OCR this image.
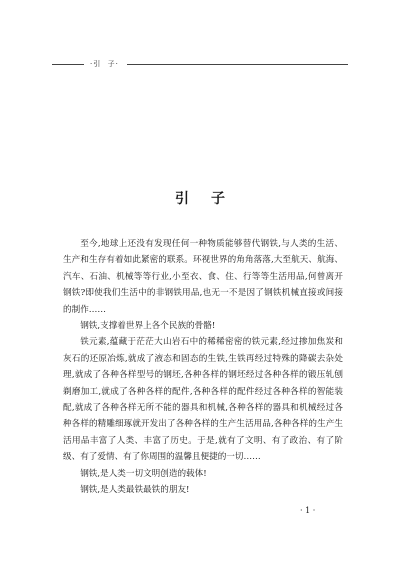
·引  子·
引子

至今,地球上还没有发现任何一种物质能够替代钢铁,与人类的生活、生产和生存有着如此紧密的联系。环视世界的角角落落,大至航天、航海、汽车、石油、机械等等行业,小至衣、食、住、行等等生活用品,何曾离开钢铁?即使我们生活中的非钢铁用品,也无一不是因了钢铁机械直接或间接的制作……

钢铁,支撑着世界上各个民族的骨骼!

铁元素,蕴藏于茫茫大山岩石中的稀稀密密的铁元素,经过掺加焦炭和灰石的还原冶炼,就成了液态和固态的生铁,生铁再经过特殊的降碳去杂处理,就成了各种各样型号的钢坯,各种各样的钢坯经过各种各样的锻压轧刨剃磨加工,就成了各种各样的配件,各种各样的配件经过各种各样的智能装配,就成了各种各样无所不能的器具和机械,各种各样的器具和机械经过各种各样的精雕细琢就开发出了各种各样的生产生活用品,各种各样的生产生活用品丰富了人类、丰富了历史。于是,就有了文明、有了政治、有了阶级、有了爱情、有了你周围的温馨且便捷的一切……

钢铁,是人类一切文明创造的载体!

钢铁,是人类最铁最铁的朋友!

· 1 ·
